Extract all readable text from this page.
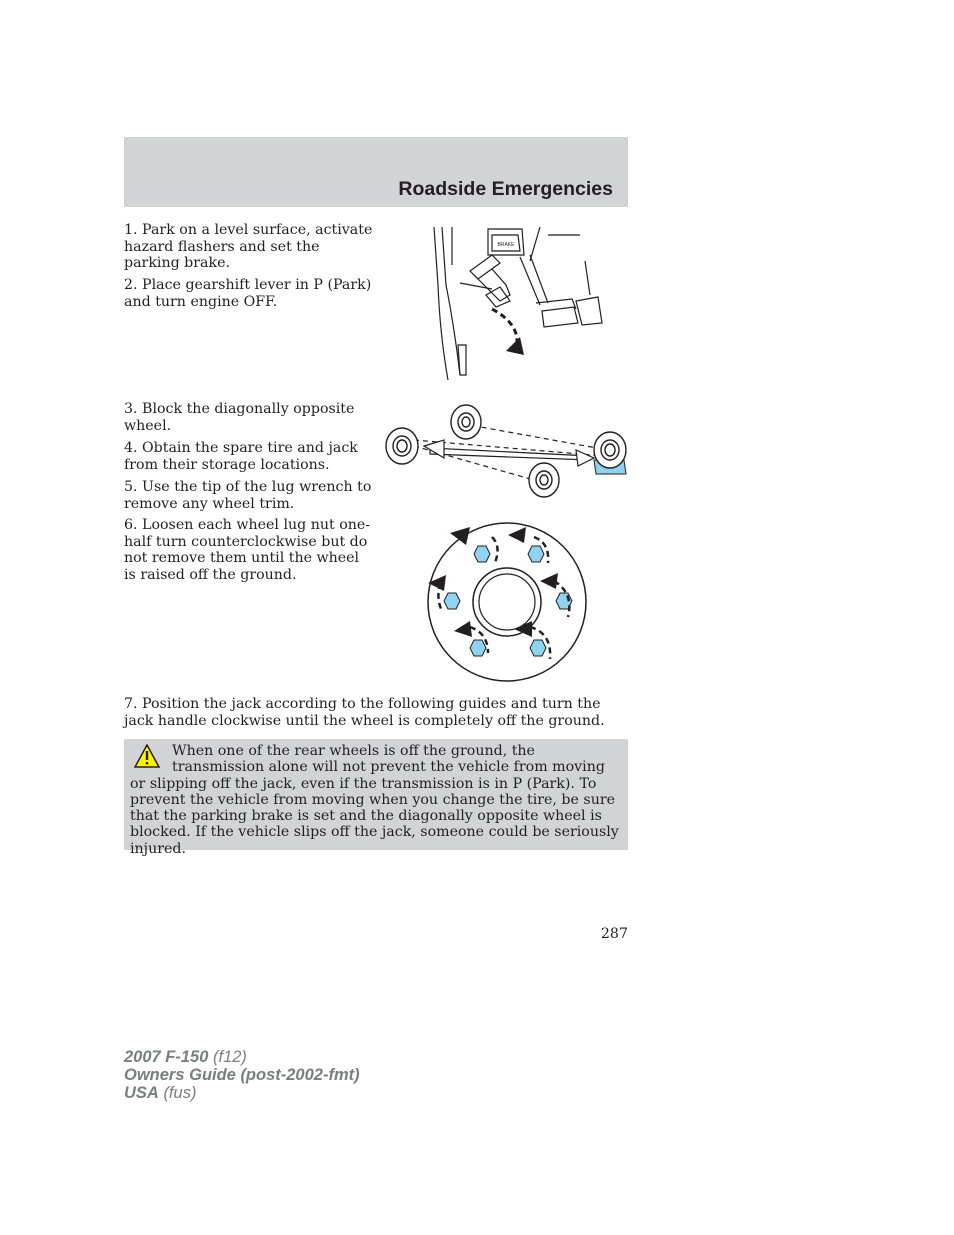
Roadside Emergencies

1. Park on a level surface, activate hazard flashers and set the parking brake.

2. Place gearshift lever in P (Park) and turn engine OFF.

BRAKE

3. Block the diagonally opposite wheel.

4. Obtain the spare tire and jack from their storage locations.

5. Use the tip of the lug wrench to remove any wheel trim.

6. Loosen each wheel lug nut one-half turn counterclockwise but do not remove them until the wheel is raised off the ground.

7. Position the jack according to the following guides and turn the jack handle clockwise until the wheel is completely off the ground.

When one of the rear wheels is off the ground, the transmission alone will not prevent the vehicle from moving or slipping off the jack, even if the transmission is in P (Park). To prevent the vehicle from moving when you change the tire, be sure that the parking brake is set and the diagonally opposite wheel is blocked. If the vehicle slips off the jack, someone could be seriously injured.

287
2007 F-150 (f12)
Owners Guide (post-2002-fmt)
USA (fus)
